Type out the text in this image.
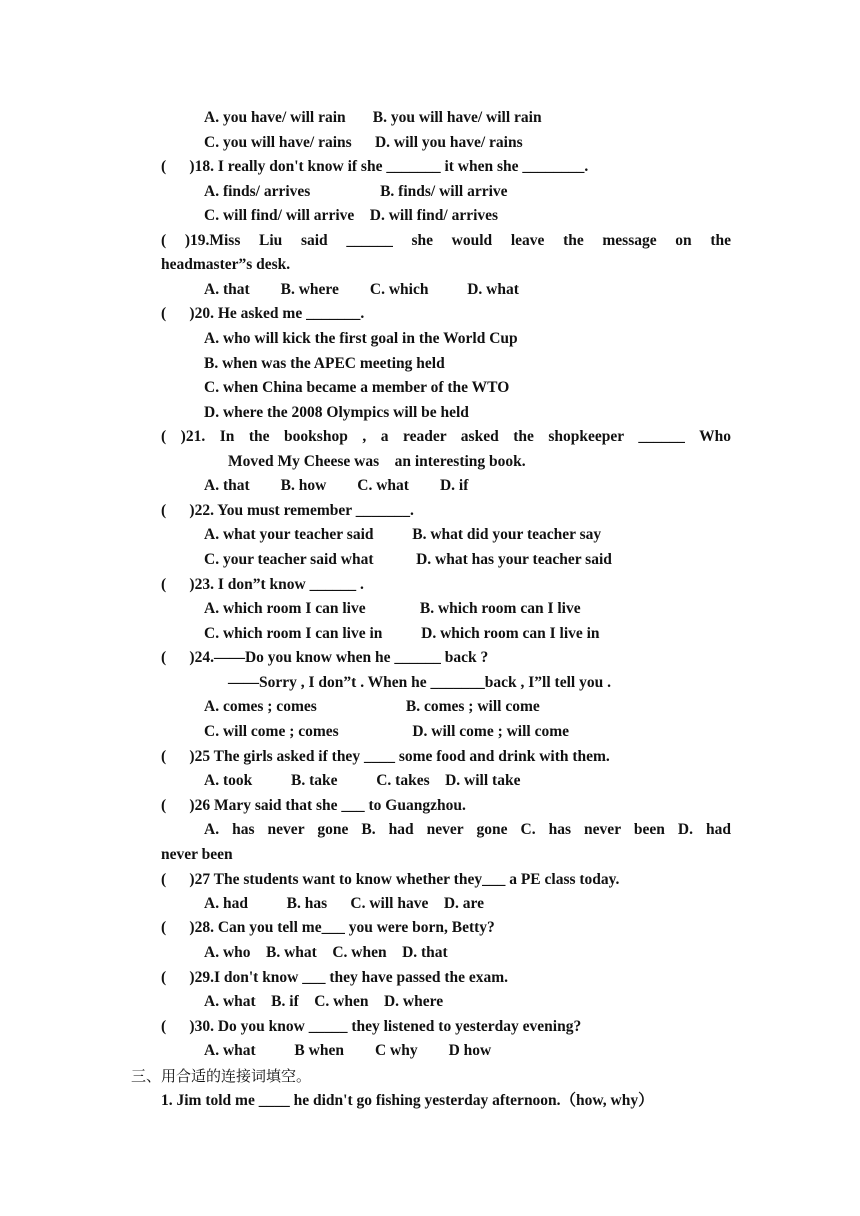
A. you have/ will rain       B. you will have/ will rain
C. you will have/ rains      D. will you have/ rains
(      )18. I really don't know if she _______ it when she ________.
A. finds/ arrives                  B. finds/ will arrive
C. will find/ will arrive    D. will find/ arrives
( )19.Miss Liu said ______ she would leave the message on the
headmaster”s desk.
A. that        B. where        C. which          D. what
(      )20. He asked me _______.
A. who will kick the first goal in the World Cup
B. when was the APEC meeting held
C. when China became a member of the WTO
D. where the 2008 Olympics will be held
( )21. In the bookshop , a reader asked the shopkeeper ______ Who
Moved My Cheese was    an interesting book.
A. that        B. how        C. what        D. if
(      )22. You must remember _______.
A. what your teacher said          B. what did your teacher say
C. your teacher said what           D. what has your teacher said
(      )23. I don”t know ______ .
A. which room I can live              B. which room can I live
C. which room I can live in          D. which room can I live in
(      )24.——Do you know when he ______ back ?
——Sorry , I don”t . When he _______back , I”ll tell you .
A. comes ; comes                       B. comes ; will come
C. will come ; comes                   D. will come ; will come
(      )25 The girls asked if they ____ some food and drink with them.
A. took          B. take          C. takes    D. will take
(      )26 Mary said that she ___ to Guangzhou.
A. has never gone B. had never gone C. has never been D. had
never been
(      )27 The students want to know whether they___ a PE class today.
A. had          B. has      C. will have    D. are
(      )28. Can you tell me___ you were born, Betty?
A. who    B. what    C. when    D. that
(      )29.I don't know ___ they have passed the exam.
A. what    B. if    C. when    D. where
(      )30. Do you know _____ they listened to yesterday evening?
A. what          B when        C why        D how
三、用合适的连接词填空。
1. Jim told me ____ he didn't go fishing yesterday afternoon.（how, why）
